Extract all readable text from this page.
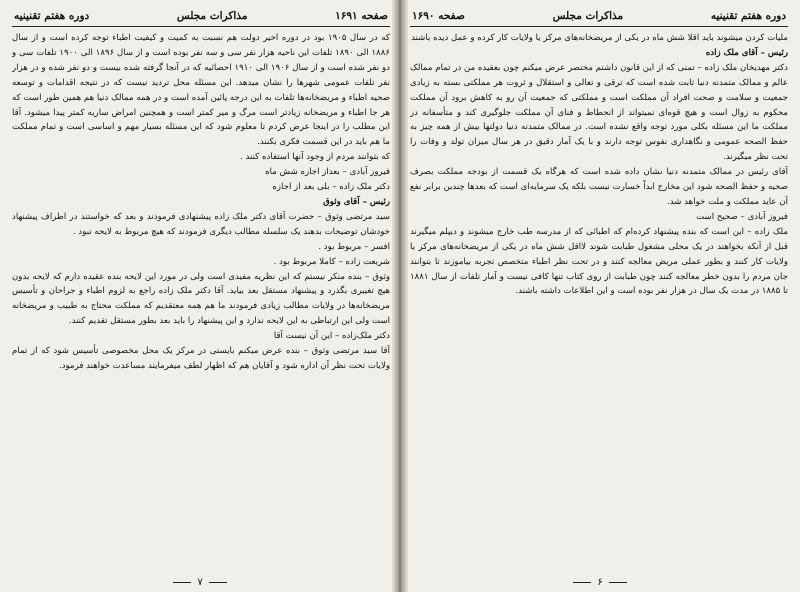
صفحه ۱۶۹۱
مذاکرات مجلس
دوره هفتم تقنینیه

که در سال ۱۹۰۵ بود در دوره اخیر دولت هم نسبت به کمیت و کیفیت اطباء توجه کرده است و از سال ۱۸۸۶ الی ۱۸۹۰ تلفات این ناحیه هزار نفر سی و سه نفر بوده است و از سال ۱۸۹۶ الی ۱۹۰۰ تلفات سی و دو نفر شده است و از سال ۱۹۰۶ الی ۱۹۱۰ احصائیه که در آنجا گرفته شده بیست و دو نفر شده و در هزار نفر تلفات عمومی شهرها را نشان میدهد. این مسئله محل تردید نیست که در نتیجه اقدامات و توسعه صحیه اطباء و مریضخانه‌ها تلفات به این درجه پائین آمده است و در همه ممالک دنیا هم همین طور است که هر جا اطباء و مریضخانه زیادتر است مرگ و میر کمتر است و همچنین امراض ساریه کمتر پیدا میشود. آقا این مطلب را در اینجا عرض کردم تا معلوم شود که این مسئله بسیار مهم و اساسی است و تمام مملکت ما هم باید در این قسمت فکری بکنند.

که بتوانند مردم از وجود آنها استفاده کنند .

فیروز آبادی – بعداز اجازه شش ماه

دکتر ملک زاده – بلی بعد از اجازه

رئیس – آقای وثوق

سید مرتضی وثوق – حضرت آقای دکتر ملک زاده پیشنهادی فرمودند و بعد که خواستند در اطراف پیشنهاد خودشان توضیحات بدهند یک سلسله مطالب دیگری فرمودند که هیچ مربوط به لایحه نبود .

افسر – مربوط بود .

شریعت زاده – کاملا مربوط بود .

وثوق – بنده منکر نیستم که این نظریه مفیدی است ولی در مورد این لایحه بنده عقیده دارم که لایحه بدون هیچ تغییری بگذرد و پیشنهاد مستقل بعد بیاید. آقا دکتر ملک زاده راجع به لزوم اطباء و جراحان و تأسیس مریضخانه‌ها در ولایات مطالب زیادی فرمودند ما هم همه معتقدیم که مملکت محتاج به طبیب و مریضخانه است ولی این ارتباطی به این لایحه ندارد و این پیشنهاد را باید بعد بطور مستقل تقدیم کنند.

دکتر ملک‌زاده – این آن نیست آقا

آقا سید مرتضی وثوق – بنده عرض میکنم بایستی در مرکز یک محل مخصوصی تأسیس شود که از تمام ولایات تحت نظر آن اداره شود و آقایان هم که اظهار لطف میفرمایند مساعدت خواهند فرمود.

۷
دوره هفتم تقنینیه
مذاکرات مجلس
صفحه ۱۶۹۰

ملیات کردن میشوند باید اقلا شش ماه در یکی از مریضخانه‌های مرکز یا ولایات کار کرده و عمل دیده باشند

رئیس – آقای ملک زاده

دکتر مهدیخان ملک زاده – تمنی که از این قانون داشتم مختصر عرض میکنم چون بعقیده من در تمام ممالک عالم و ممالک متمدنه دنیا ثابت شده است که ترقی و تعالی و استقلال و ثروت هر مملکتی بسته به زیادی جمعیت و سلامت و صحت افراد آن مملکت است و مملکتی که جمعیت آن رو به کاهش برود آن مملکت محکوم به زوال است و هیچ قوه‌ای نمیتواند از انحطاط و فنای آن مملکت جلوگیری کند و متأسفانه در مملکت ما این مسئله بکلی مورد توجه واقع نشده است. در ممالک متمدنه دنیا دولتها بیش از همه چیز به حفظ الصحه عمومی و نگاهداری نفوس توجه دارند و با یک آمار دقیق در هر سال میزان تولد و وفات را تحت نظر میگیرند.

آقای رئیس در ممالک متمدنه دنیا نشان داده شده است که هرگاه یک قسمت از بودجه مملکت بصرف صحیه و حفظ الصحه شود این مخارج ابداً خسارت نیست بلکه یک سرمایه‌ای است که بعدها چندین برابر نفع آن عاید مملکت و ملت خواهد شد.

فیروز آبادی – صحیح است

ملک زاده – این است که بنده پیشنهاد کرده‌ام که اطبائی که از مدرسه طب خارج میشوند و دیپلم میگیرند قبل از آنکه بخواهند در یک محلی مشغول طبابت شوند لااقل شش ماه در یکی از مریضخانه‌های مرکز یا ولایات کار کنند و بطور عملی مریض معالجه کنند و در تحت نظر اطباء متخصص تجربه بیاموزند تا بتوانند جان مردم را بدون خطر معالجه کنند چون طبابت از روی کتاب تنها کافی نیست و آمار تلفات از سال ۱۸۸۱ تا ۱۸۸۵ در مدت یک سال در هزار نفر بوده است و این اطلاعات داشته باشند.

۶
